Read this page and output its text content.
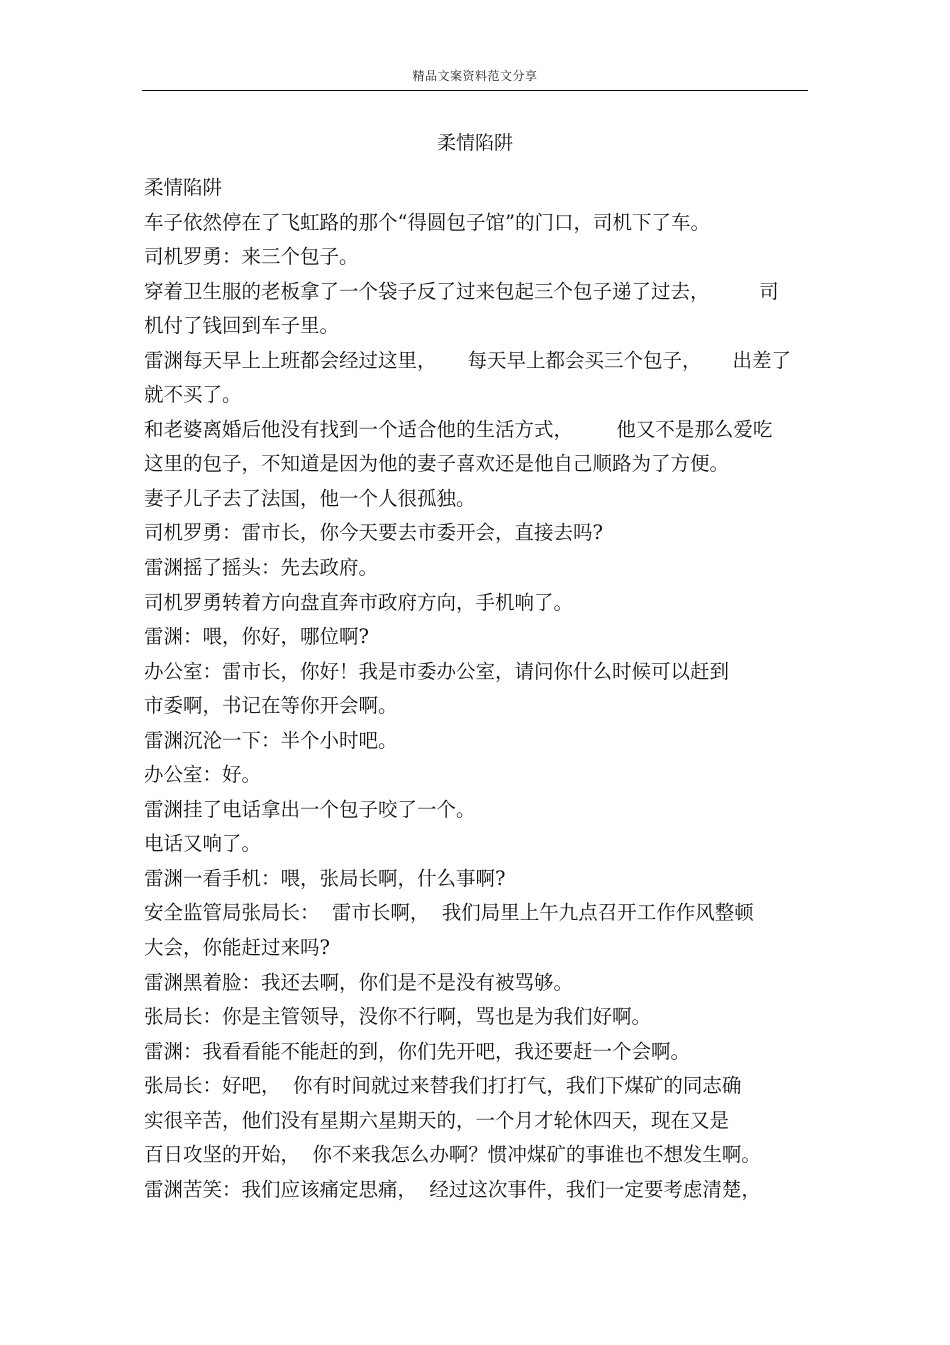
精品文案资料范文分享
柔情陷阱
柔情陷阱
车子依然停在了飞虹路的那个“得圆包子馆”的门口，司机下了车。
司机罗勇：来三个包子。
穿着卫生服的老板拿了一个袋子反了过来包起三个包子递了过去，        司
机付了钱回到车子里。
雷渊每天早上上班都会经过这里，     每天早上都会买三个包子，     出差了
就不买了。
和老婆离婚后他没有找到一个适合他的生活方式，       他又不是那么爱吃
这里的包子，不知道是因为他的妻子喜欢还是他自己顺路为了方便。
妻子儿子去了法国，他一个人很孤独。
司机罗勇：雷市长，你今天要去市委开会，直接去吗?
雷渊摇了摇头：先去政府。
司机罗勇转着方向盘直奔市政府方向，手机响了。
雷渊：喂，你好，哪位啊?
办公室：雷市长，你好！我是市委办公室，请问你什么时候可以赶到
市委啊，书记在等你开会啊。
雷渊沉沦一下：半个小时吧。
办公室：好。
雷渊挂了电话拿出一个包子咬了一个。
电话又响了。
雷渊一看手机：喂，张局长啊，什么事啊?
安全监管局张局长：  雷市长啊，  我们局里上午九点召开工作作风整顿
大会，你能赶过来吗?
雷渊黑着脸：我还去啊，你们是不是没有被骂够。
张局长：你是主管领导，没你不行啊，骂也是为我们好啊。
雷渊：我看看能不能赶的到，你们先开吧，我还要赶一个会啊。
张局长：好吧，  你有时间就过来替我们打打气，我们下煤矿的同志确
实很辛苦，他们没有星期六星期天的，一个月才轮休四天，现在又是
百日攻坚的开始，  你不来我怎么办啊？惯冲煤矿的事谁也不想发生啊。
雷渊苦笑：我们应该痛定思痛，  经过这次事件，我们一定要考虑清楚，
